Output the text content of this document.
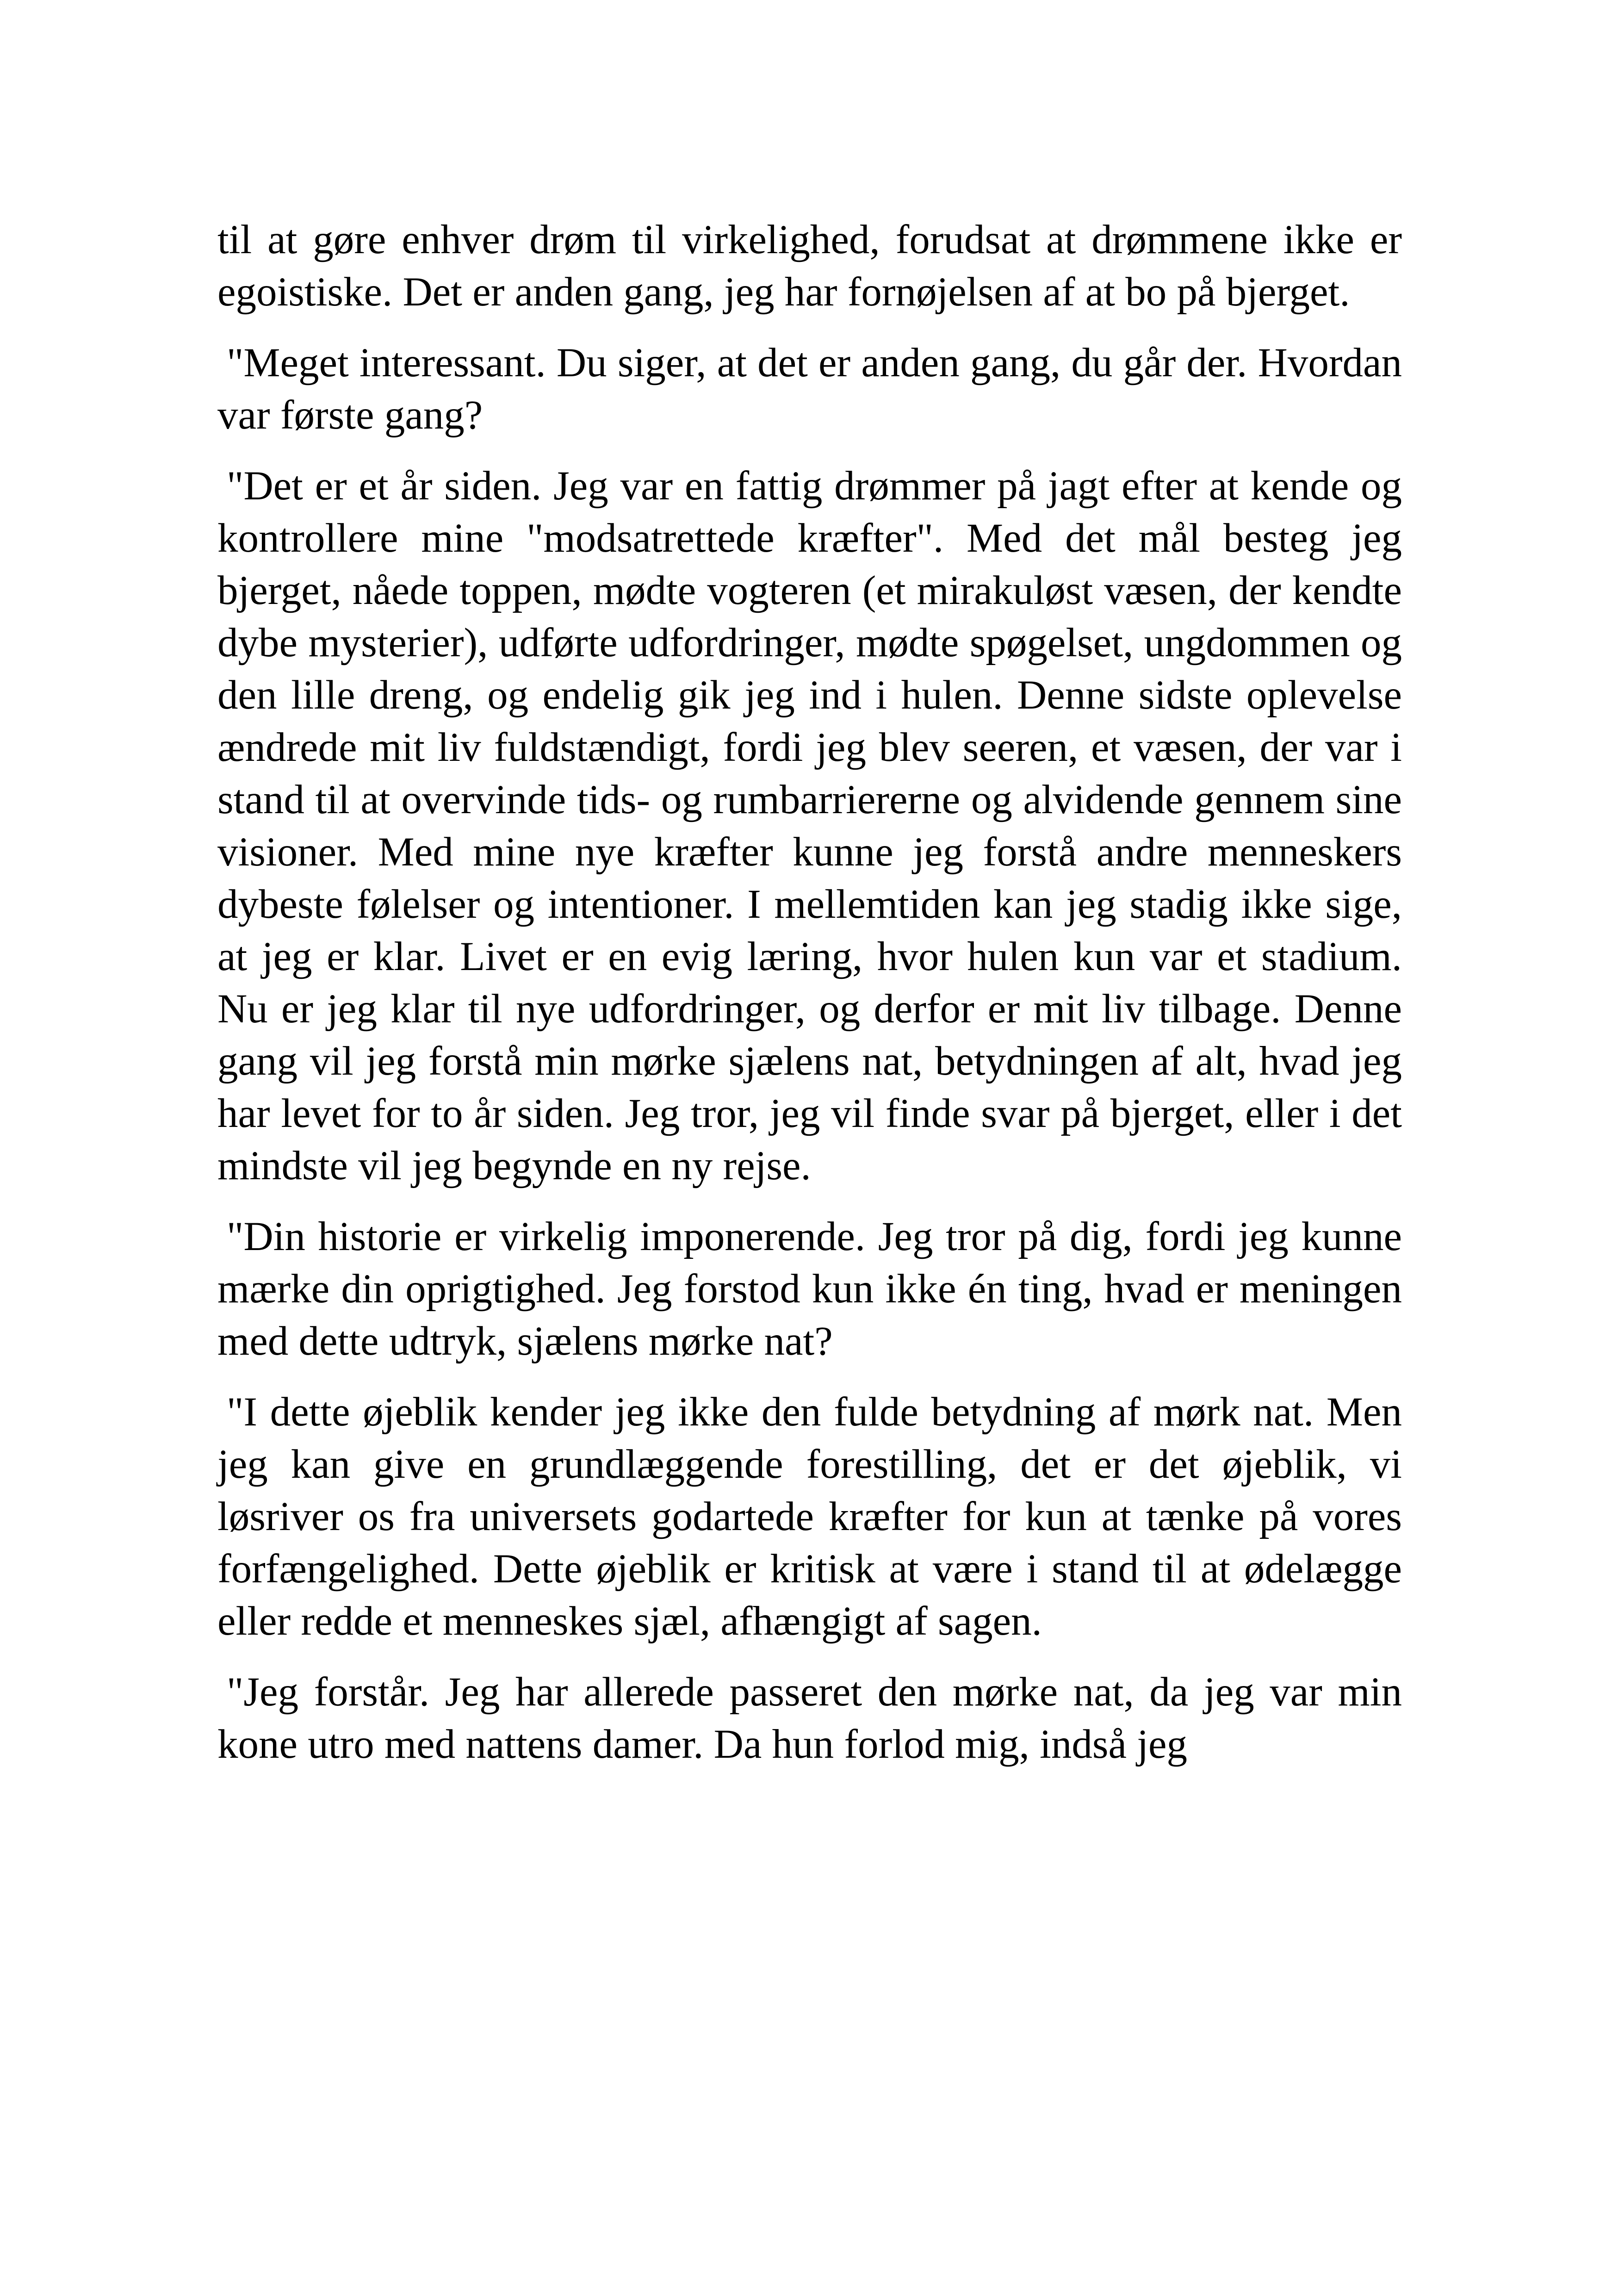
til at gøre enhver drøm til virkelighed, forudsat at drømmene ikke er egoistiske. Det er anden gang, jeg har fornøjelsen af at bo på bjerget.

"Meget interessant. Du siger, at det er anden gang, du går der. Hvordan var første gang?

"Det er et år siden. Jeg var en fattig drømmer på jagt efter at kende og kontrollere mine "modsatrettede kræfter". Med det mål besteg jeg bjerget, nåede toppen, mødte vogteren (et mirakuløst væsen, der kendte dybe mysterier), udførte udfordringer, mødte spøgelset, ungdommen og den lille dreng, og endelig gik jeg ind i hulen. Denne sidste oplevelse ændrede mit liv fuldstændigt, fordi jeg blev seeren, et væsen, der var i stand til at overvinde tids- og rumbarriererne og alvidende gennem sine visioner. Med mine nye kræfter kunne jeg forstå andre menneskers dybeste følelser og intentioner. I mellemtiden kan jeg stadig ikke sige, at jeg er klar. Livet er en evig læring, hvor hulen kun var et stadium. Nu er jeg klar til nye udfordringer, og derfor er mit liv tilbage. Denne gang vil jeg forstå min mørke sjælens nat, betydningen af alt, hvad jeg har levet for to år siden. Jeg tror, jeg vil finde svar på bjerget, eller i det mindste vil jeg begynde en ny rejse.

"Din historie er virkelig imponerende. Jeg tror på dig, fordi jeg kunne mærke din oprigtighed. Jeg forstod kun ikke én ting, hvad er meningen med dette udtryk, sjælens mørke nat?

"I dette øjeblik kender jeg ikke den fulde betydning af mørk nat. Men jeg kan give en grundlæggende forestilling, det er det øjeblik, vi løsriver os fra universets godartede kræfter for kun at tænke på vores forfængelighed. Dette øjeblik er kritisk at være i stand til at ødelægge eller redde et menneskes sjæl, afhængigt af sagen.

"Jeg forstår. Jeg har allerede passeret den mørke nat, da jeg var min kone utro med nattens damer. Da hun forlod mig, indså jeg
